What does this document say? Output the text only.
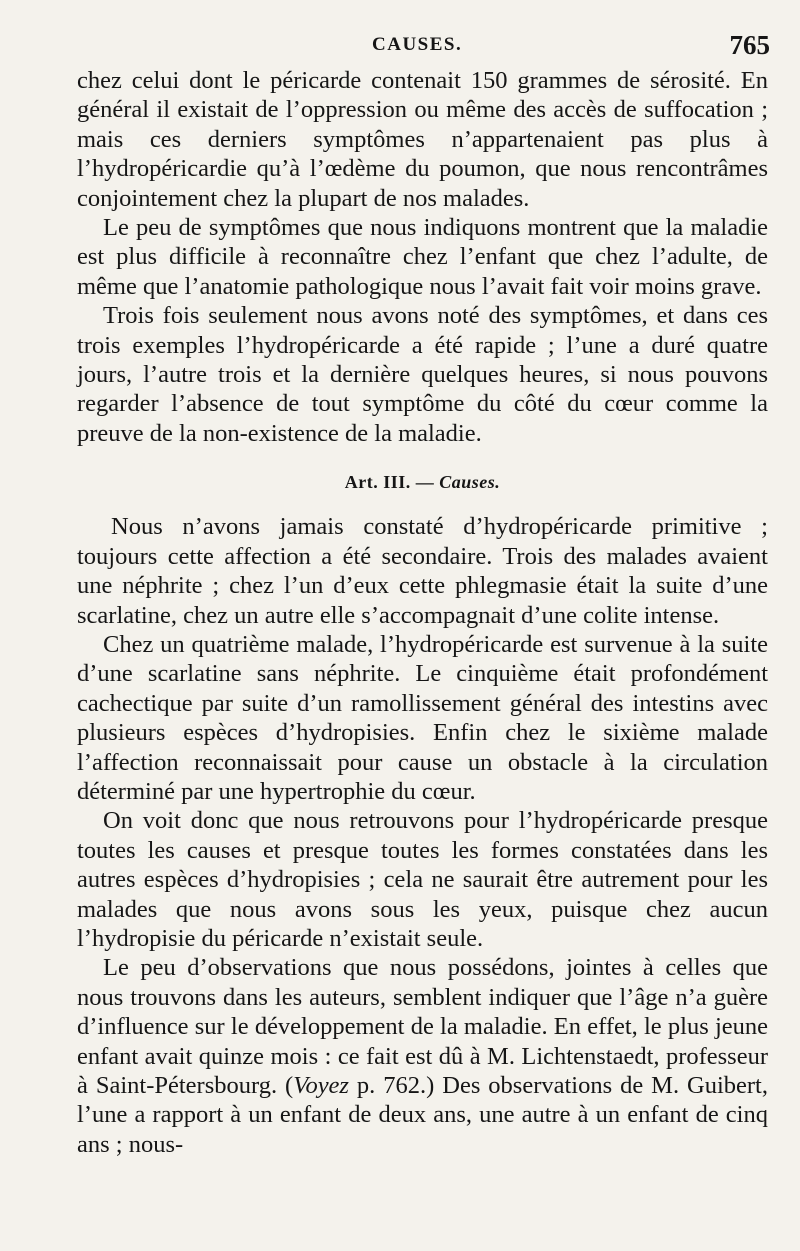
CAUSES.	765

chez celui dont le péricarde contenait 150 grammes de sérosité. En général il existait de l’oppression ou même des accès de suffocation ; mais ces derniers symptômes n’appartenaient pas plus à l’hydropéricardie qu’à l’œdème du poumon, que nous rencontrâmes conjointement chez la plupart de nos malades.

Le peu de symptômes que nous indiquons montrent que la maladie est plus difficile à reconnaître chez l’enfant que chez l’adulte, de même que l’anatomie pathologique nous l’avait fait voir moins grave.

Trois fois seulement nous avons noté des symptômes, et dans ces trois exemples l’hydropéricarde a été rapide ; l’une a duré quatre jours, l’autre trois et la dernière quelques heures, si nous pouvons regarder l’absence de tout symptôme du côté du cœur comme la preuve de la non-existence de la maladie.

Art. III. — Causes.

Nous n’avons jamais constaté d’hydropéricarde primitive ; toujours cette affection a été secondaire. Trois des malades avaient une néphrite ; chez l’un d’eux cette phlegmasie était la suite d’une scarlatine, chez un autre elle s’accompagnait d’une colite intense.

Chez un quatrième malade, l’hydropéricarde est survenue à la suite d’une scarlatine sans néphrite. Le cinquième était profondément cachectique par suite d’un ramollissement général des intestins avec plusieurs espèces d’hydropisies. Enfin chez le sixième malade l’affection reconnaissait pour cause un obstacle à la circulation déterminé par une hypertrophie du cœur.

On voit donc que nous retrouvons pour l’hydropéricarde presque toutes les causes et presque toutes les formes constatées dans les autres espèces d’hydropisies ; cela ne saurait être autrement pour les malades que nous avons sous les yeux, puisque chez aucun l’hydropisie du péricarde n’existait seule.

Le peu d’observations que nous possédons, jointes à celles que nous trouvons dans les auteurs, semblent indiquer que l’âge n’a guère d’influence sur le développement de la maladie. En effet, le plus jeune enfant avait quinze mois : ce fait est dû à M. Lichtenstaedt, professeur à Saint-Pétersbourg. (Voyez p. 762.) Des observations de M. Guibert, l’une a rapport à un enfant de deux ans, une autre à un enfant de cinq ans ; nous-
